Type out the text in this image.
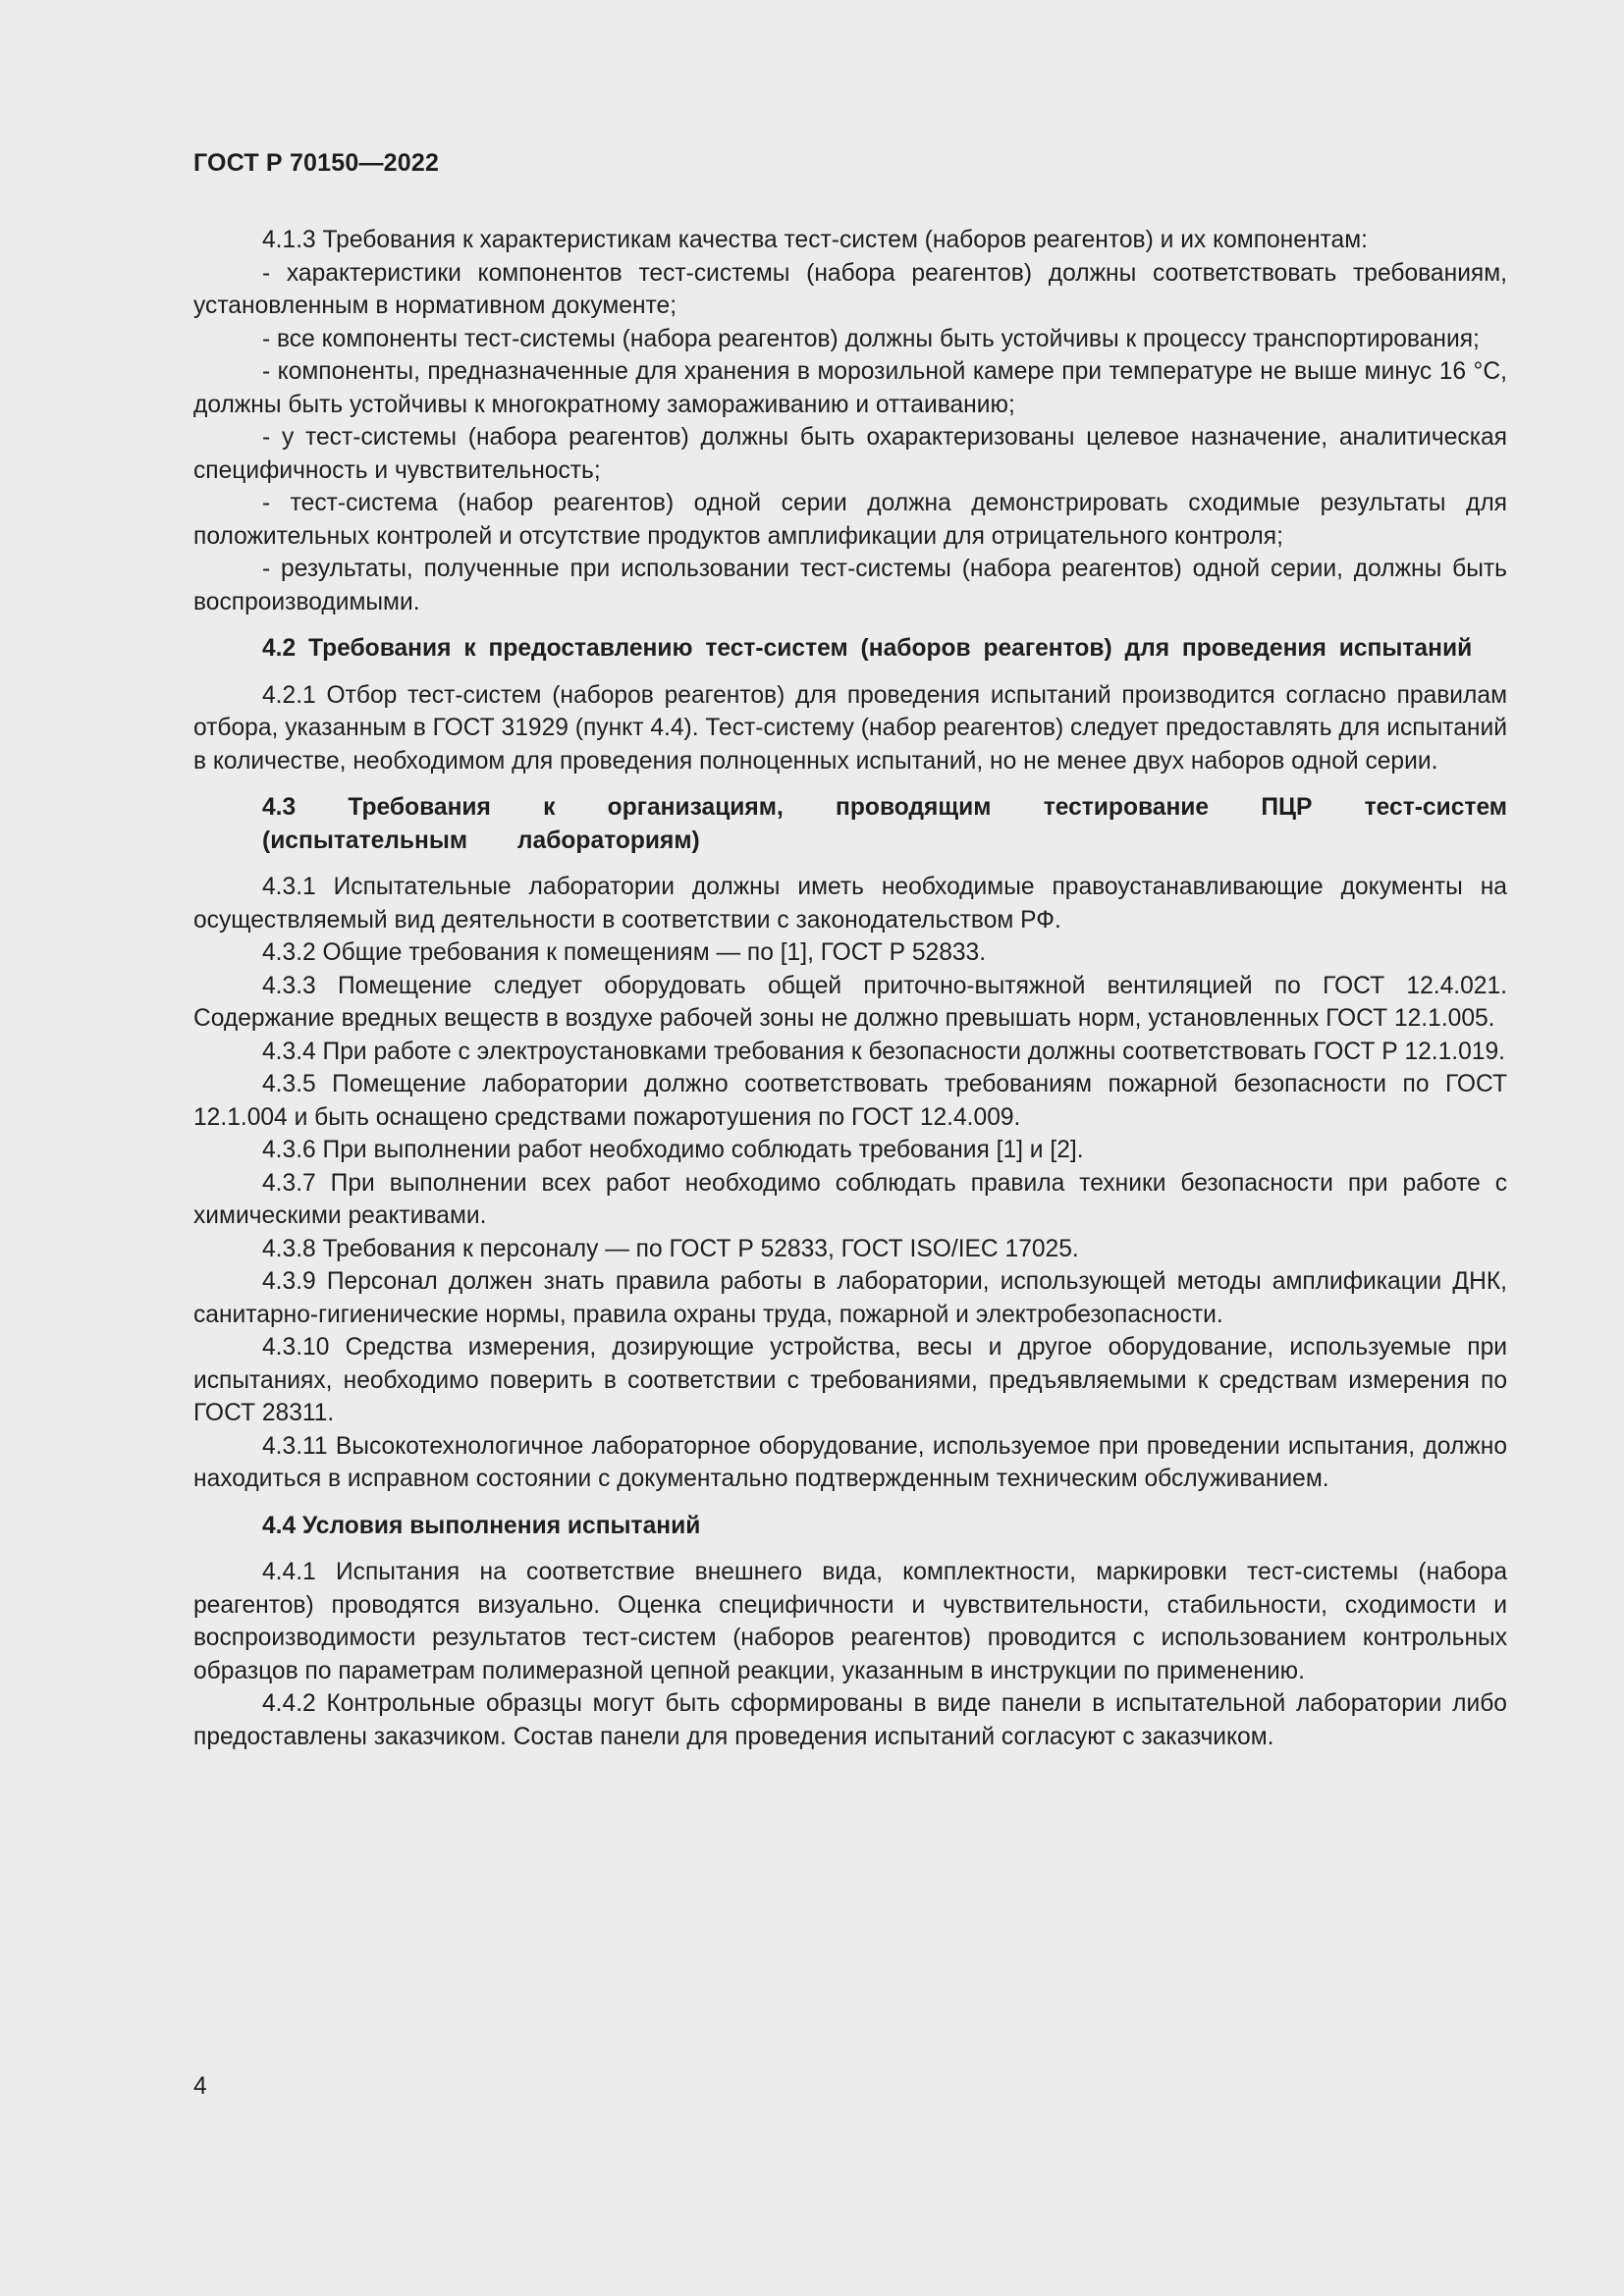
ГОСТ Р 70150—2022

4.1.3 Требования к характеристикам качества тест-систем (наборов реагентов) и их компонентам:

- характеристики компонентов тест-системы (набора реагентов) должны соответствовать требованиям, установленным в нормативном документе;

- все компоненты тест-системы (набора реагентов) должны быть устойчивы к процессу транспортирования;

- компоненты, предназначенные для хранения в морозильной камере при температуре не выше минус 16 °С, должны быть устойчивы к многократному замораживанию и оттаиванию;

- у тест-системы (набора реагентов) должны быть охарактеризованы целевое назначение, аналитическая специфичность и чувствительность;

- тест-система (набор реагентов) одной серии должна демонстрировать сходимые результаты для положительных контролей и отсутствие продуктов амплификации для отрицательного контроля;

- результаты, полученные при использовании тест-системы (набора реагентов) одной серии, должны быть воспроизводимыми.

4.2 Требования к предоставлению тест-систем (наборов реагентов) для проведения испытаний

4.2.1 Отбор тест-систем (наборов реагентов) для проведения испытаний производится согласно правилам отбора, указанным в ГОСТ 31929 (пункт 4.4). Тест-систему (набор реагентов) следует предоставлять для испытаний в количестве, необходимом для проведения полноценных испытаний, но не менее двух наборов одной серии.

4.3 Требования к организациям, проводящим тестирование ПЦР тест-систем (испытательным лабораториям)

4.3.1 Испытательные лаборатории должны иметь необходимые правоустанавливающие документы на осуществляемый вид деятельности в соответствии с законодательством РФ.

4.3.2 Общие требования к помещениям — по [1], ГОСТ Р 52833.

4.3.3 Помещение следует оборудовать общей приточно-вытяжной вентиляцией по ГОСТ 12.4.021. Содержание вредных веществ в воздухе рабочей зоны не должно превышать норм, установленных ГОСТ 12.1.005.

4.3.4 При работе с электроустановками требования к безопасности должны соответствовать ГОСТ Р 12.1.019.

4.3.5 Помещение лаборатории должно соответствовать требованиям пожарной безопасности по ГОСТ 12.1.004 и быть оснащено средствами пожаротушения по ГОСТ 12.4.009.

4.3.6 При выполнении работ необходимо соблюдать требования [1] и [2].

4.3.7 При выполнении всех работ необходимо соблюдать правила техники безопасности при работе с химическими реактивами.

4.3.8 Требования к персоналу — по ГОСТ Р 52833, ГОСТ ISO/IEC 17025.

4.3.9 Персонал должен знать правила работы в лаборатории, использующей методы амплификации ДНК, санитарно-гигиенические нормы, правила охраны труда, пожарной и электробезопасности.

4.3.10 Средства измерения, дозирующие устройства, весы и другое оборудование, используемые при испытаниях, необходимо поверить в соответствии с требованиями, предъявляемыми к средствам измерения по ГОСТ 28311.

4.3.11 Высокотехнологичное лабораторное оборудование, используемое при проведении испытания, должно находиться в исправном состоянии с документально подтвержденным техническим обслуживанием.

4.4 Условия выполнения испытаний

4.4.1 Испытания на соответствие внешнего вида, комплектности, маркировки тест-системы (набора реагентов) проводятся визуально. Оценка специфичности и чувствительности, стабильности, сходимости и воспроизводимости результатов тест-систем (наборов реагентов) проводится с использованием контрольных образцов по параметрам полимеразной цепной реакции, указанным в инструкции по применению.

4.4.2 Контрольные образцы могут быть сформированы в виде панели в испытательной лаборатории либо предоставлены заказчиком. Состав панели для проведения испытаний согласуют с заказчиком.

4
